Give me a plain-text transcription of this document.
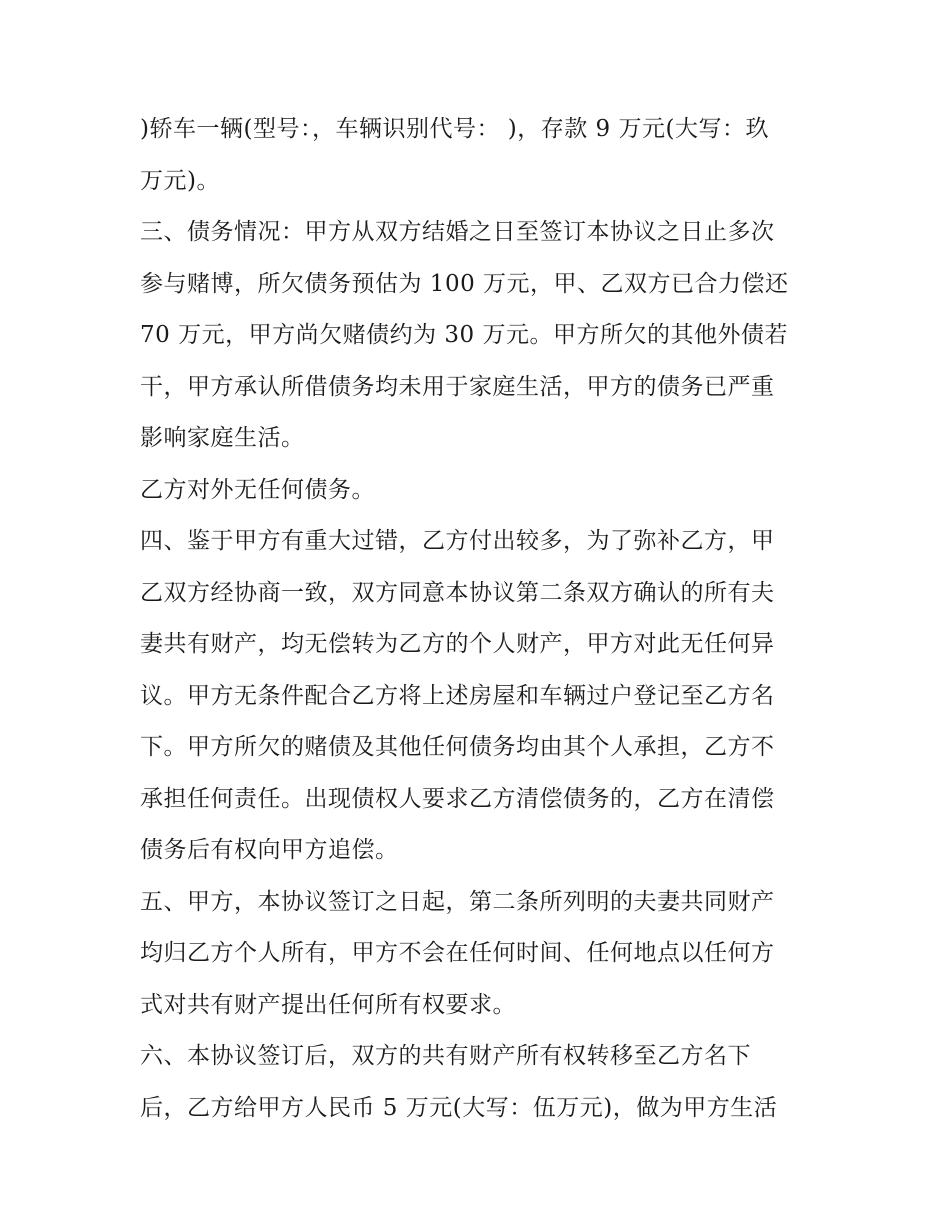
)轿车一辆(型号：，车辆识别代号： )，存款 9 万元(大写：玖
万元)。
三、债务情况：甲方从双方结婚之日至签订本协议之日止多次
参与赌博，所欠债务预估为 100 万元，甲、乙双方已合力偿还
70 万元，甲方尚欠赌债约为 30 万元。甲方所欠的其他外债若
干，甲方承认所借债务均未用于家庭生活，甲方的债务已严重
影响家庭生活。
乙方对外无任何债务。
四、鉴于甲方有重大过错，乙方付出较多，为了弥补乙方，甲
乙双方经协商一致，双方同意本协议第二条双方确认的所有夫
妻共有财产，均无偿转为乙方的个人财产，甲方对此无任何异
议。甲方无条件配合乙方将上述房屋和车辆过户登记至乙方名
下。甲方所欠的赌债及其他任何债务均由其个人承担，乙方不
承担任何责任。出现债权人要求乙方清偿债务的，乙方在清偿
债务后有权向甲方追偿。
五、甲方，本协议签订之日起，第二条所列明的夫妻共同财产
均归乙方个人所有，甲方不会在任何时间、任何地点以任何方
式对共有财产提出任何所有权要求。
六、本协议签订后，双方的共有财产所有权转移至乙方名下
后，乙方给甲方人民币 5 万元(大写：伍万元)，做为甲方生活
